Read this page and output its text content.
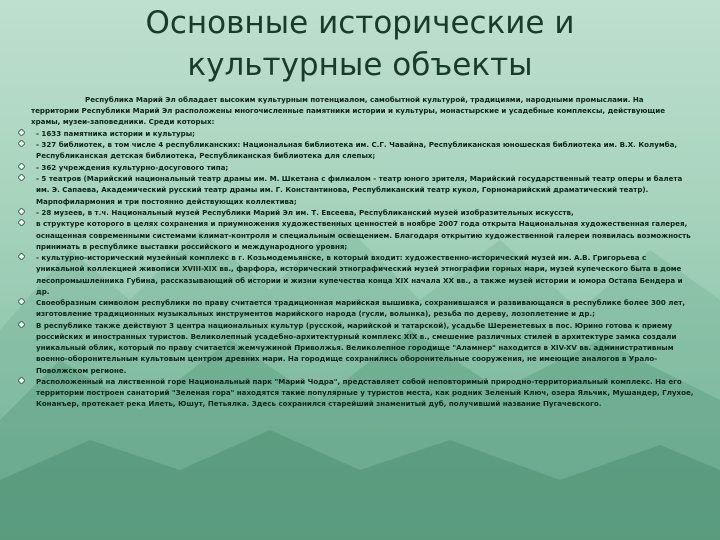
Основные исторические и
культурные объекты
Республика Марий Эл обладает высоким культурным потенциалом, самобытной культурой, традициями, народными промыслами. На территории Республики Марий Эл расположены многочисленные памятники истории и культуры, монастырские и усадебные комплексы, действующие храмы, музеи-заповедники. Среди которых:
- 1633 памятника истории и культуры;
- 327 библиотек, в том числе 4 республиканских: Национальная библиотека им. С.Г. Чавайна, Республиканская юношеская библиотека им. В.Х. Колумба, Республиканская детская библиотека, Республиканская библиотека для слепых;
- 362 учреждения культурно-досугового типа;
- 5 театров (Марийский национальный театр драмы им. М. Шкетана с филиалом - театр юного зрителя, Марийский государственный театр оперы и балета им. Э. Сапаева, Академический русский театр драмы им. Г. Константинова, Республиканский театр кукол, Горномарийский драматический театр). Марпофилармония и три постоянно действующих коллектива;
- 28 музеев, в т.ч. Национальный музей Республики Марий Эл им. Т. Евсеева, Республиканский музей изобразительных искусств,
в структуре которого в целях сохранения и приумножения художественных ценностей в ноябре 2007 года открыта Национальная художественная галерея, оснащенная современными системами климат-контроля и специальным освещением. Благодаря открытию художественной галереи появилась возможность принимать в республике выставки российского и международного уровня;
- культурно-исторический музейный комплекс в г. Козьмодемьянске, в который входит: художественно-исторический музей им. А.В. Григорьева с уникальной коллекцией живописи XVIII-XIX вв., фарфора, исторический этнографический музей этнографии горных мари, музей купеческого быта в доме лесопромышленника Губина, рассказывающий об истории и жизни купечества конца XIX начала XX вв., а также музей истории и юмора Остапа Бендера и др.
Своеобразным символом республики по праву считается традиционная марийская вышивка, сохранившаяся и развивающаяся в республике более 300 лет, изготовление традиционных музыкальных инструментов марийского народа (гусли, волынка), резьба по дереву, лозоплетение и др.;
В республике также действуют 3 центра национальных культур (русской, марийской и татарской), усадьбе Шереметевых в пос. Юрино готова к приему российских и иностранных туристов. Великолепный усадебно-архитектурный комплекс XIX в., смешение различных стилей в архитектуре замка создали уникальный облик, который по праву считается жемчужиной Приволжья. Великолепное городище "Аламнер" находится в XIV-XV вв. административным военно-оборонительным культовым центром древних мари. На городище сохранились оборонительные сооружения, не имеющие аналогов в Урало-Поволжском регионе.
Расположенный на лиственной горе Национальный парк "Марий Чодра", представляет собой неповторимый природно-территориальный комплекс. На его территории построен санаторий "Зеленая гора" находятся такие популярные у туристов места, как родник Зеленый Ключ, озера Яльчик, Мушандер, Глухое, Конанъер, протекает река Илеть, Юшут, Петьялка. Здесь сохранился старейший знаменитый дуб, получивший название Пугачевского.
